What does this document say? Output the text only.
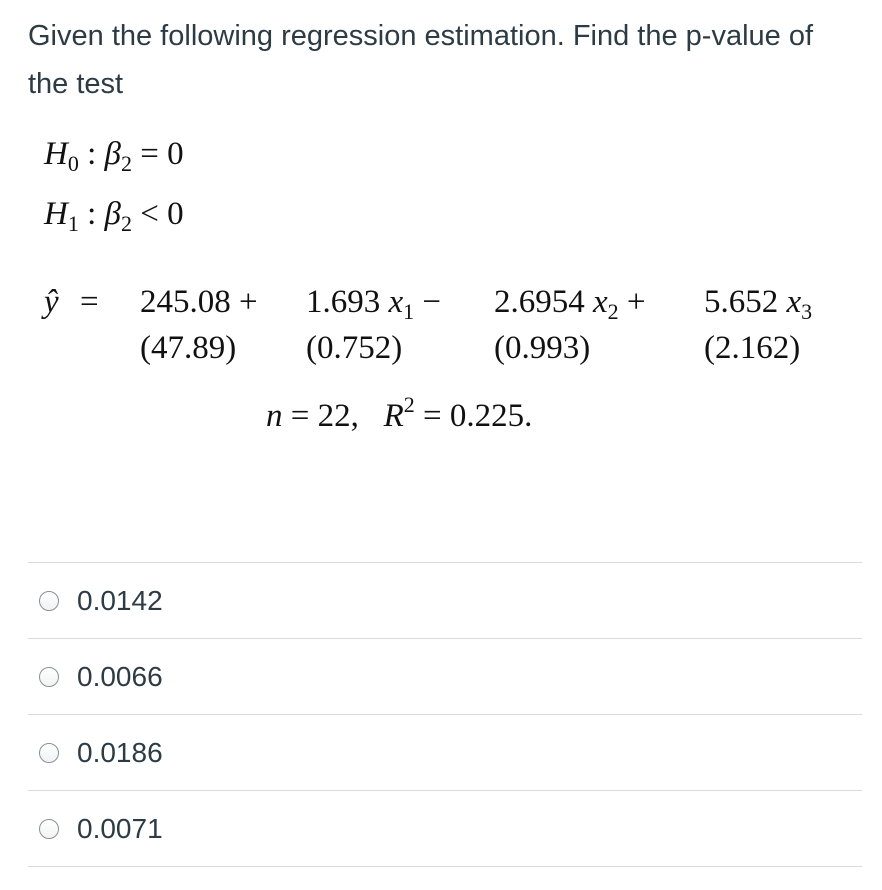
Given the following regression estimation. Find the p-value of the test

$H_0$ : $\beta_2 = 0$
$H_1$ : $\beta_2 < 0$
ŷ = 245.08 + 1.693 $x_1 - 2.6954$ $x_2 + 5.652$ $x_3$
(47.89) (0.752)	(0.993)	(2.162)
n = 22, $R^2 = 0.225$.
0.0142
0.0066
0.0186
0.0071
